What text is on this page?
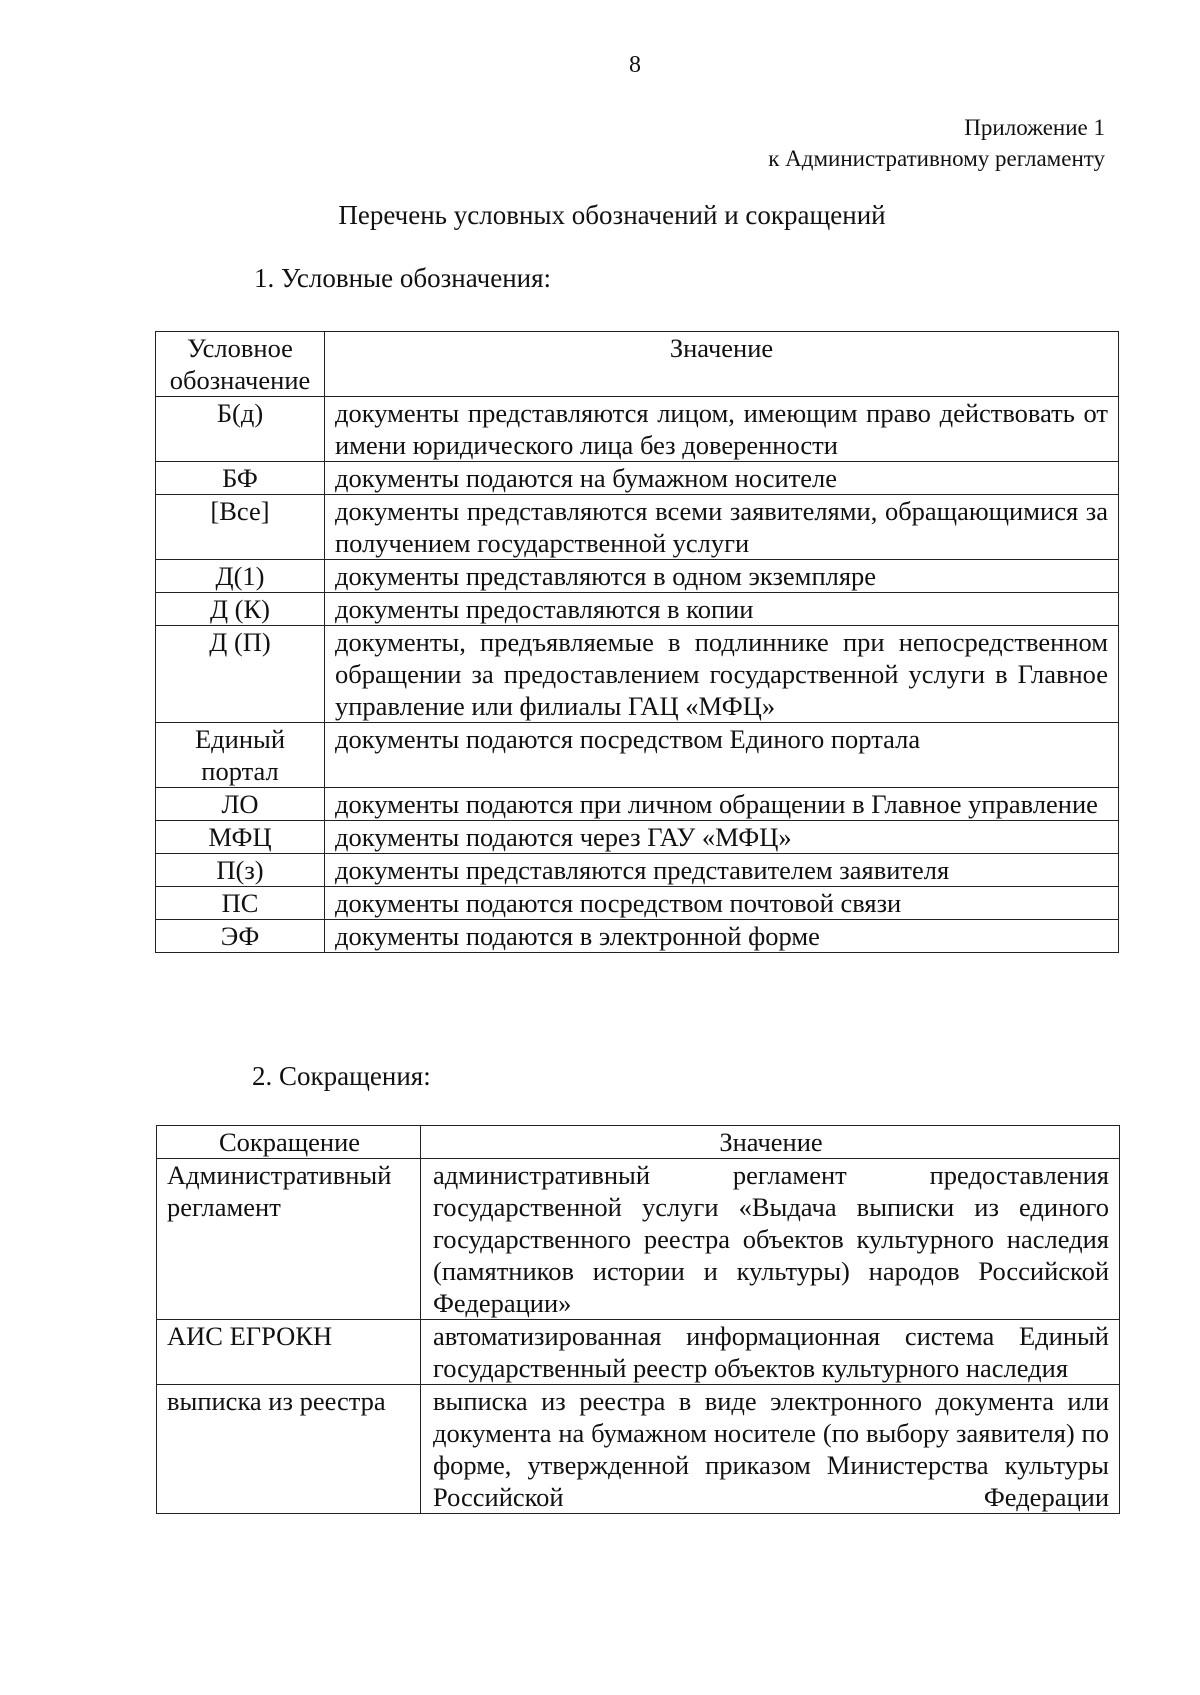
8
Приложение 1
к Административному регламенту
Перечень условных обозначений и сокращений
1. Условные обозначения:
Условное обозначение	Значение
Б(д)	документы представляются лицом, имеющим право действовать от имени юридического лица без доверенности
БФ	документы подаются на бумажном носителе
[Все]	документы представляются всеми заявителями, обращающимися за получением государственной услуги
Д(1)	документы представляются в одном экземпляре
Д (К)	документы предоставляются в копии
Д (П)	документы, предъявляемые в подлиннике при непосредственном обращении за предоставлением государственной услуги в Главное управление или филиалы ГАЦ «МФЦ»
Единый портал	документы подаются посредством Единого портала
ЛО	документы подаются при личном обращении в Главное управление
МФЦ	документы подаются через ГАУ «МФЦ»
П(з)	документы представляются представителем заявителя
ПС	документы подаются посредством почтовой связи
ЭФ	документы подаются в электронной форме
2. Сокращения:
Сокращение	Значение
Административный регламент	административный регламент предоставления государственной услуги «Выдача выписки из единого государственного реестра объектов культурного наследия (памятников истории и культуры) народов Российской Федерации»
АИС ЕГРОКН	автоматизированная информационная система Единый государственный реестр объектов культурного наследия
выписка из реестра	выписка из реестра в виде электронного документа или документа на бумажном носителе (по выбору заявителя) по форме, утвержденной приказом Министерства культуры Российской Федерации
